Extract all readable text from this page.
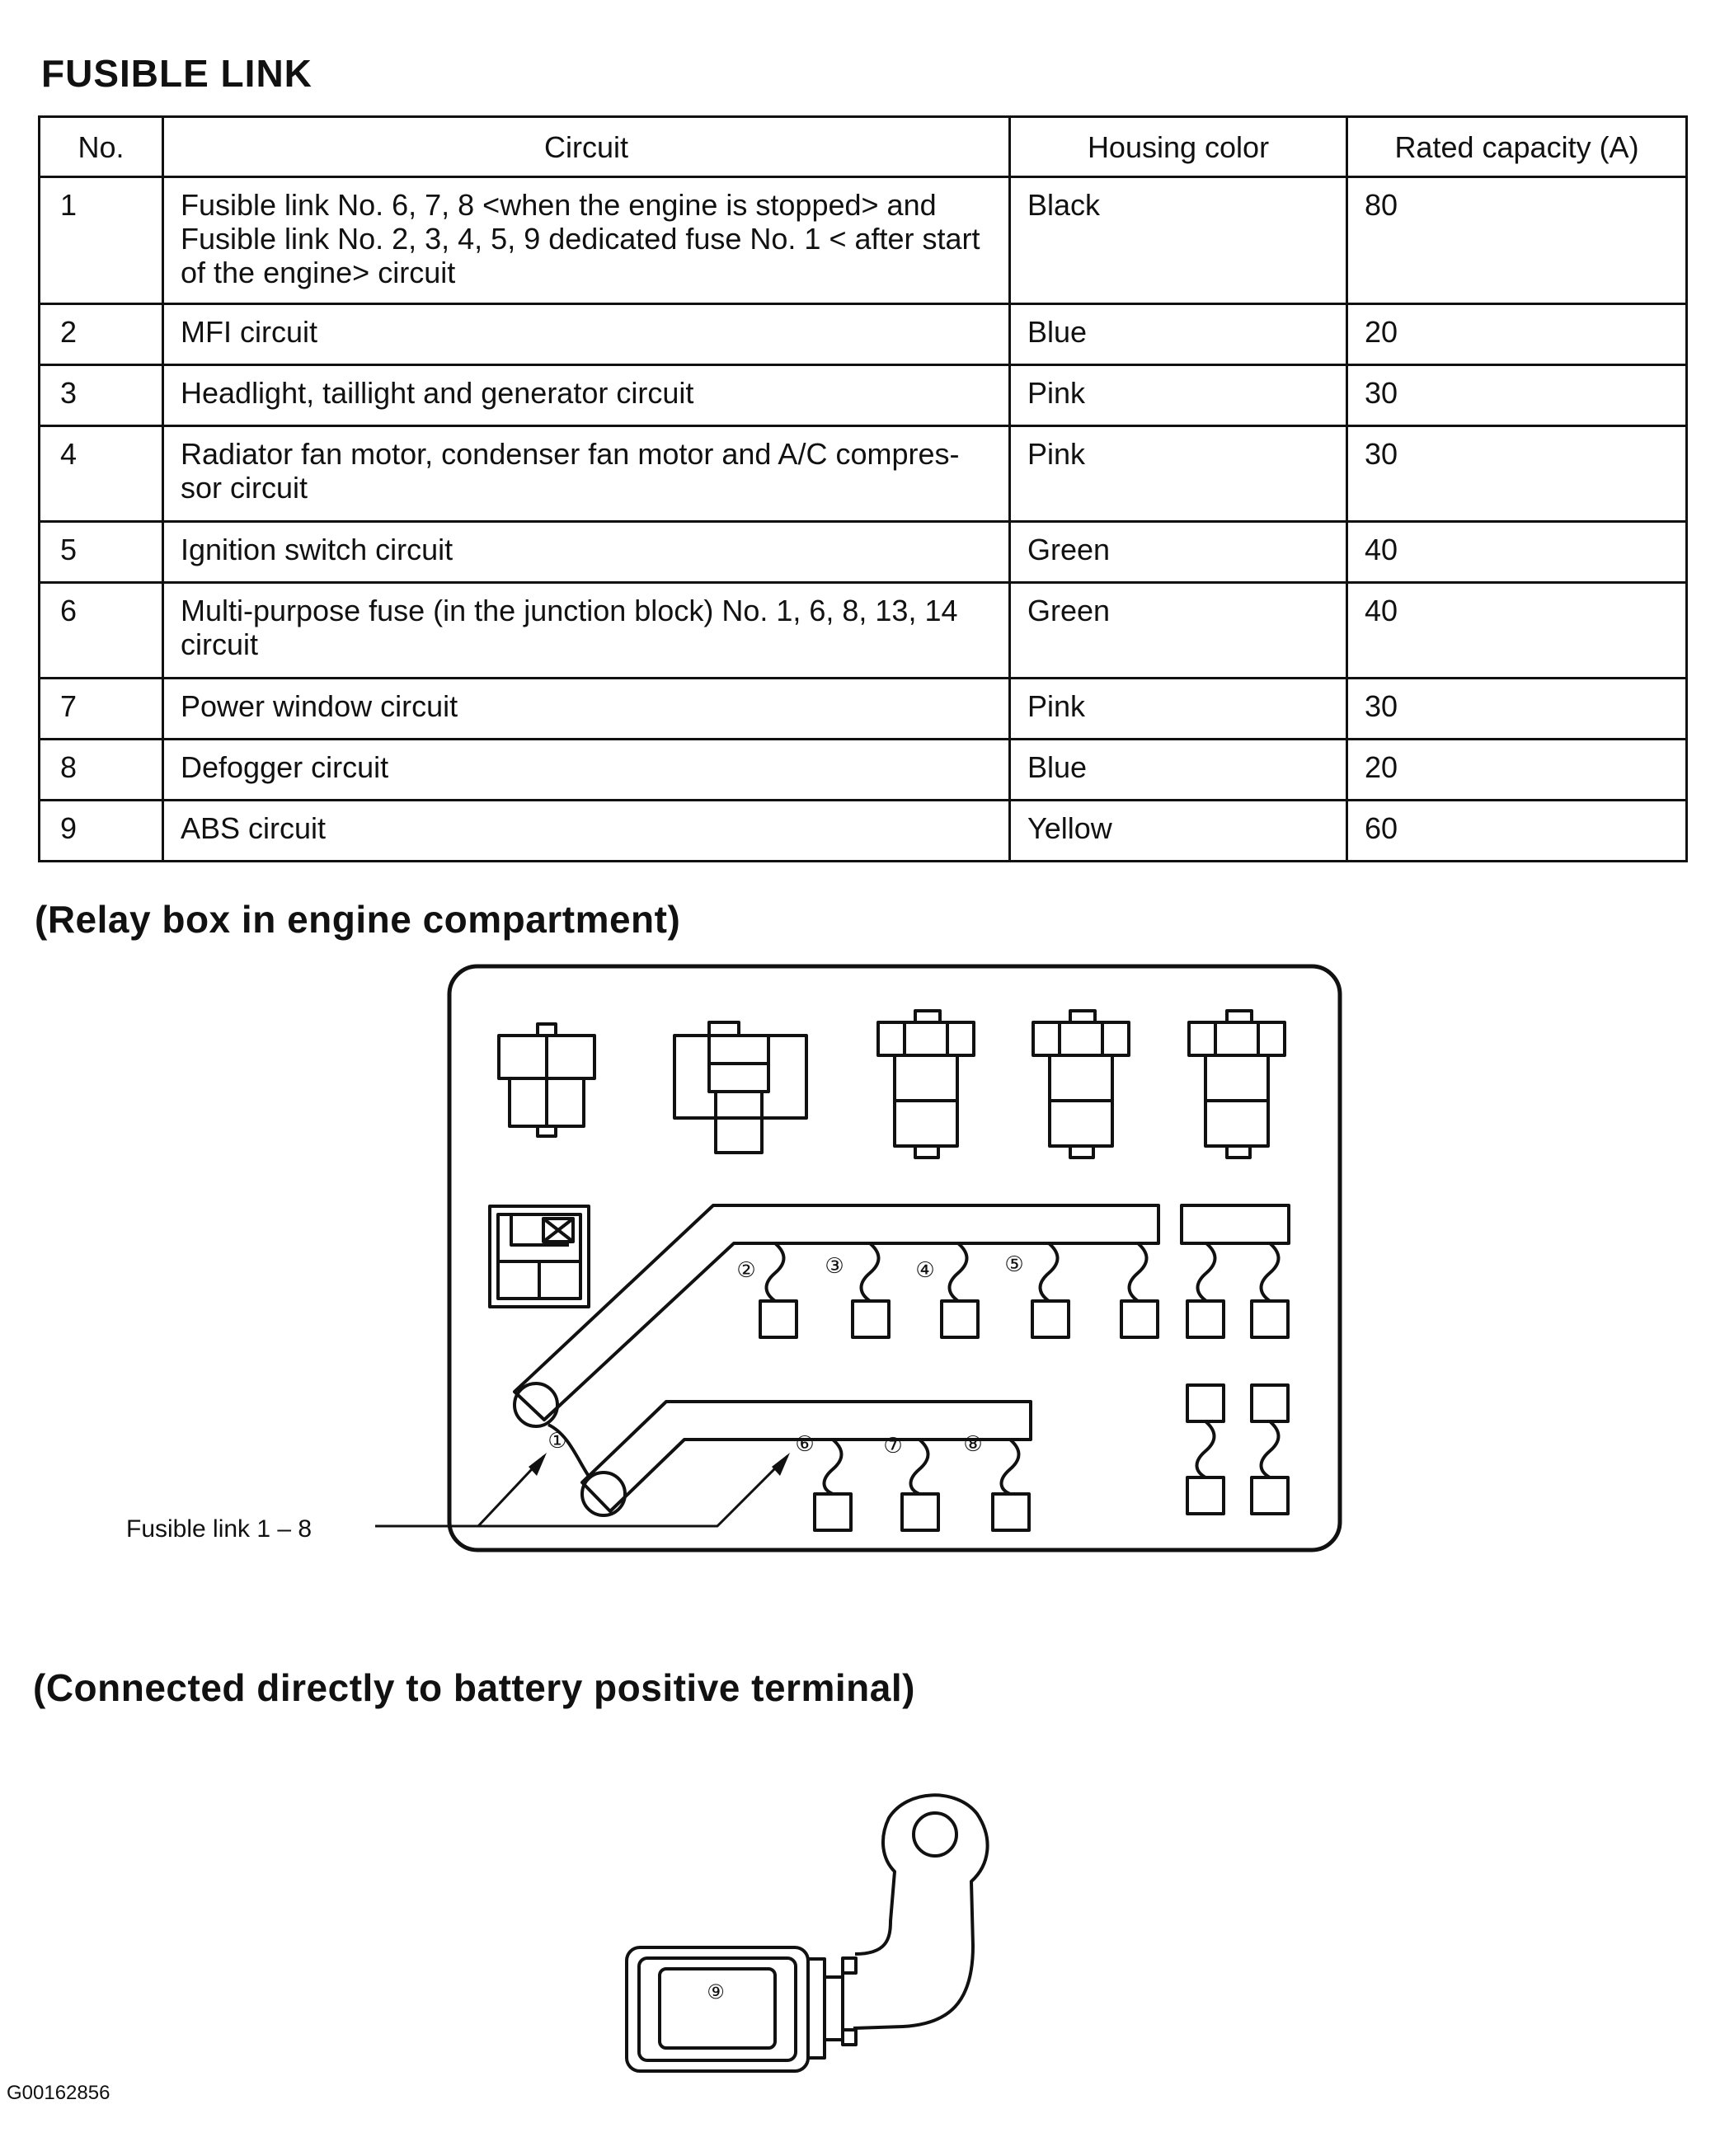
FUSIBLE LINK
No.	Circuit	Housing color	Rated capacity (A)
1	Fusible link No. 6, 7, 8 <when the engine is stopped> and Fusible link No. 2, 3, 4, 5, 9 dedicated fuse No. 1 < after start of the engine> circuit	Black	80
2	MFI circuit	Blue	20
3	Headlight, taillight and generator circuit	Pink	30
4	Radiator fan motor, condenser fan motor and A/C compres-sor circuit	Pink	30
5	Ignition switch circuit	Green	40
6	Multi-purpose fuse (in the junction block) No. 1, 6, 8, 13, 14 circuit	Green	40
7	Power window circuit	Pink	30
8	Defogger circuit	Blue	20
9	ABS circuit	Yellow	60
(Relay box in engine compartment)
Fusible link 1 – 8
(Connected directly to battery positive terminal)
G00162856
①
②	③	④	⑤
⑥	⑦	⑧
⑨
